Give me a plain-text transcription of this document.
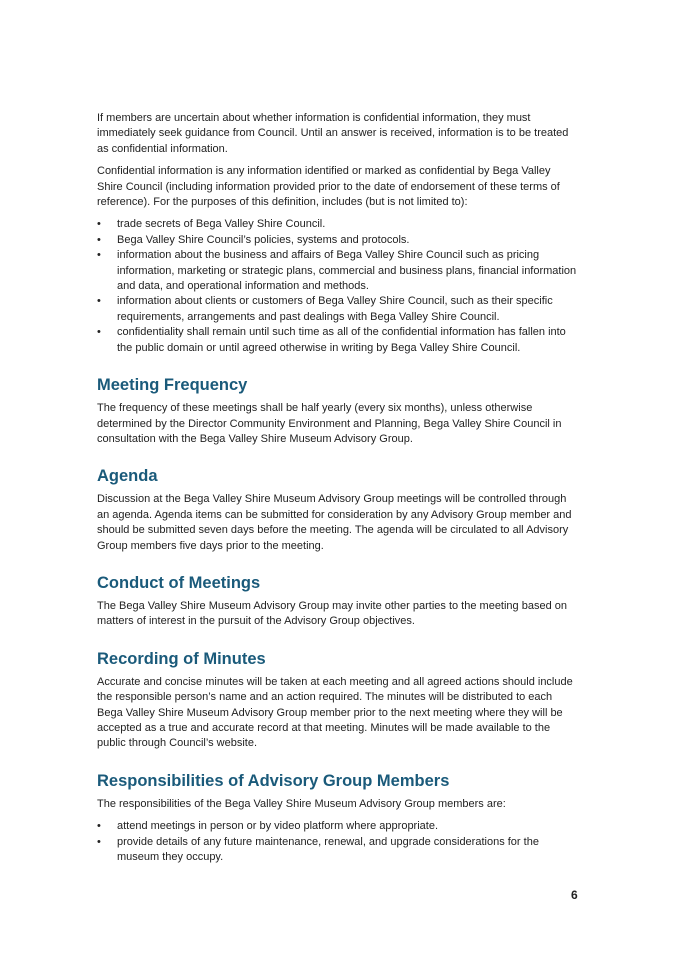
If members are uncertain about whether information is confidential information, they must immediately seek guidance from Council. Until an answer is received, information is to be treated as confidential information.

Confidential information is any information identified or marked as confidential by Bega Valley Shire Council (including information provided prior to the date of endorsement of these terms of reference). For the purposes of this definition, includes (but is not limited to):

• trade secrets of Bega Valley Shire Council.
• Bega Valley Shire Council’s policies, systems and protocols.
• information about the business and affairs of Bega Valley Shire Council such as pricing information, marketing or strategic plans, commercial and business plans, financial information and data, and operational information and methods.
• information about clients or customers of Bega Valley Shire Council, such as their specific requirements, arrangements and past dealings with Bega Valley Shire Council.
• confidentiality shall remain until such time as all of the confidential information has fallen into the public domain or until agreed otherwise in writing by Bega Valley Shire Council.
Meeting Frequency

The frequency of these meetings shall be half yearly (every six months), unless otherwise determined by the Director Community Environment and Planning, Bega Valley Shire Council in consultation with the Bega Valley Shire Museum Advisory Group.

Agenda

Discussion at the Bega Valley Shire Museum Advisory Group meetings will be controlled through an agenda. Agenda items can be submitted for consideration by any Advisory Group member and should be submitted seven days before the meeting. The agenda will be circulated to all Advisory Group members five days prior to the meeting.

Conduct of Meetings

The Bega Valley Shire Museum Advisory Group may invite other parties to the meeting based on matters of interest in the pursuit of the Advisory Group objectives.

Recording of Minutes

Accurate and concise minutes will be taken at each meeting and all agreed actions should include the responsible person’s name and an action required. The minutes will be distributed to each Bega Valley Shire Museum Advisory Group member prior to the next meeting where they will be accepted as a true and accurate record at that meeting. Minutes will be made available to the public through Council’s website.

Responsibilities of Advisory Group Members

The responsibilities of the Bega Valley Shire Museum Advisory Group members are:

• attend meetings in person or by video platform where appropriate.
• provide details of any future maintenance, renewal, and upgrade considerations for the museum they occupy.
6
